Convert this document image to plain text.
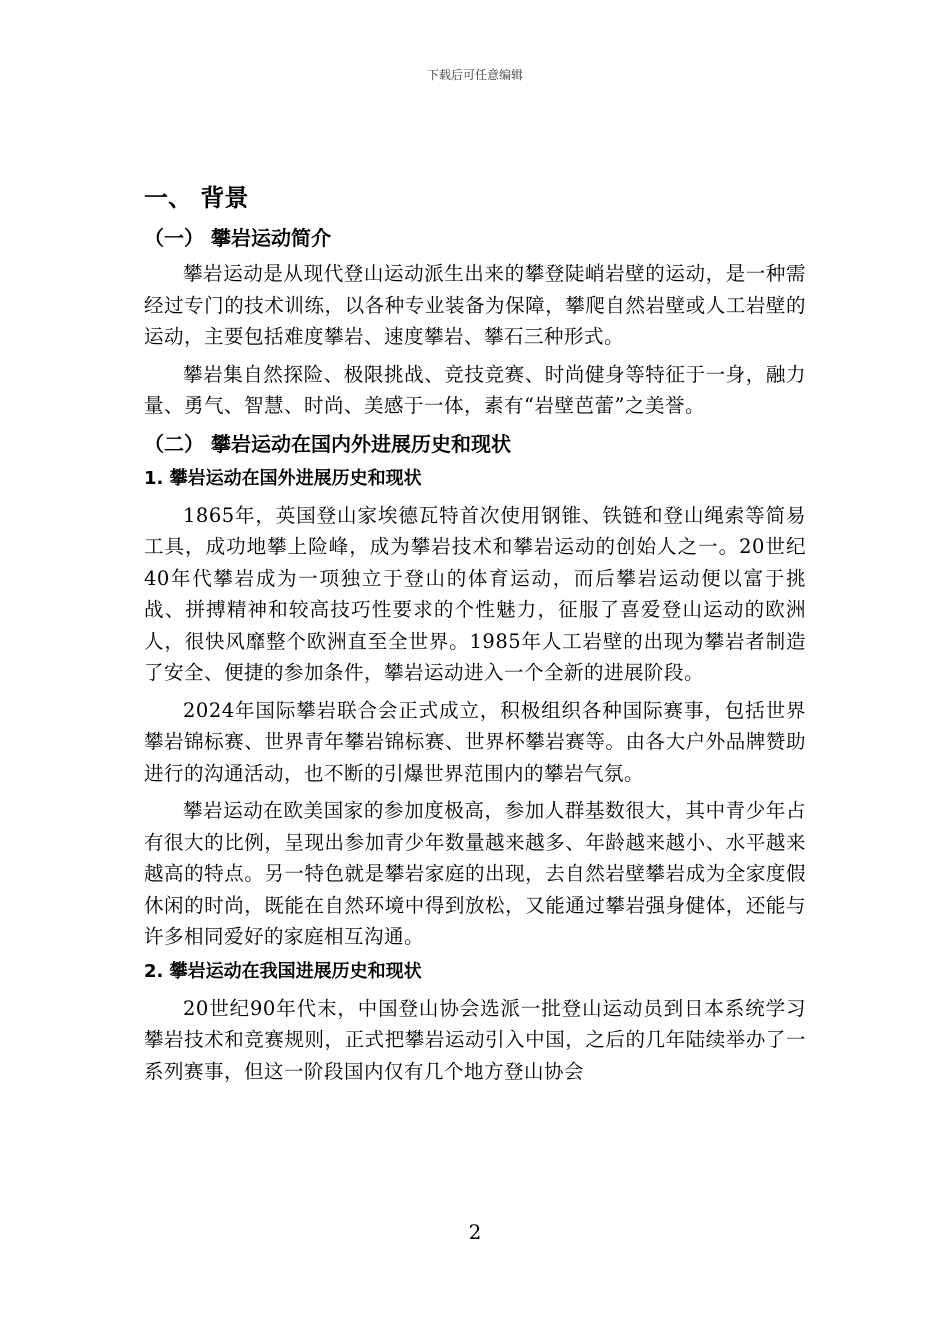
下载后可任意编辑
一、 背景
（一） 攀岩运动简介

攀岩运动是从现代登山运动派生出来的攀登陡峭岩壁的运动，是一种需经过专门的技术训练，以各种专业装备为保障，攀爬自然岩壁或人工岩壁的运动，主要包括难度攀岩、速度攀岩、攀石三种形式。

攀岩集自然探险、极限挑战、竞技竞赛、时尚健身等特征于一身，融力量、勇气、智慧、时尚、美感于一体，素有“岩壁芭蕾”之美誉。

（二） 攀岩运动在国内外进展历史和现状
1. 攀岩运动在国外进展历史和现状

1865年，英国登山家埃德瓦特首次使用钢锥、铁链和登山绳索等简易工具，成功地攀上险峰，成为攀岩技术和攀岩运动的创始人之一。20世纪40年代攀岩成为一项独立于登山的体育运动，而后攀岩运动便以富于挑战、拼搏精神和较高技巧性要求的个性魅力，征服了喜爱登山运动的欧洲人，很快风靡整个欧洲直至全世界。1985年人工岩壁的出现为攀岩者制造了安全、便捷的参加条件，攀岩运动进入一个全新的进展阶段。

2024年国际攀岩联合会正式成立，积极组织各种国际赛事，包括世界攀岩锦标赛、世界青年攀岩锦标赛、世界杯攀岩赛等。由各大户外品牌赞助进行的沟通活动，也不断的引爆世界范围内的攀岩气氛。

攀岩运动在欧美国家的参加度极高，参加人群基数很大，其中青少年占有很大的比例，呈现出参加青少年数量越来越多、年龄越来越小、水平越来越高的特点。另一特色就是攀岩家庭的出现，去自然岩壁攀岩成为全家度假休闲的时尚，既能在自然环境中得到放松，又能通过攀岩强身健体，还能与许多相同爱好的家庭相互沟通。

2. 攀岩运动在我国进展历史和现状

20世纪90年代末，中国登山协会选派一批登山运动员到日本系统学习攀岩技术和竞赛规则，正式把攀岩运动引入中国，之后的几年陆续举办了一系列赛事，但这一阶段国内仅有几个地方登山协会

2
